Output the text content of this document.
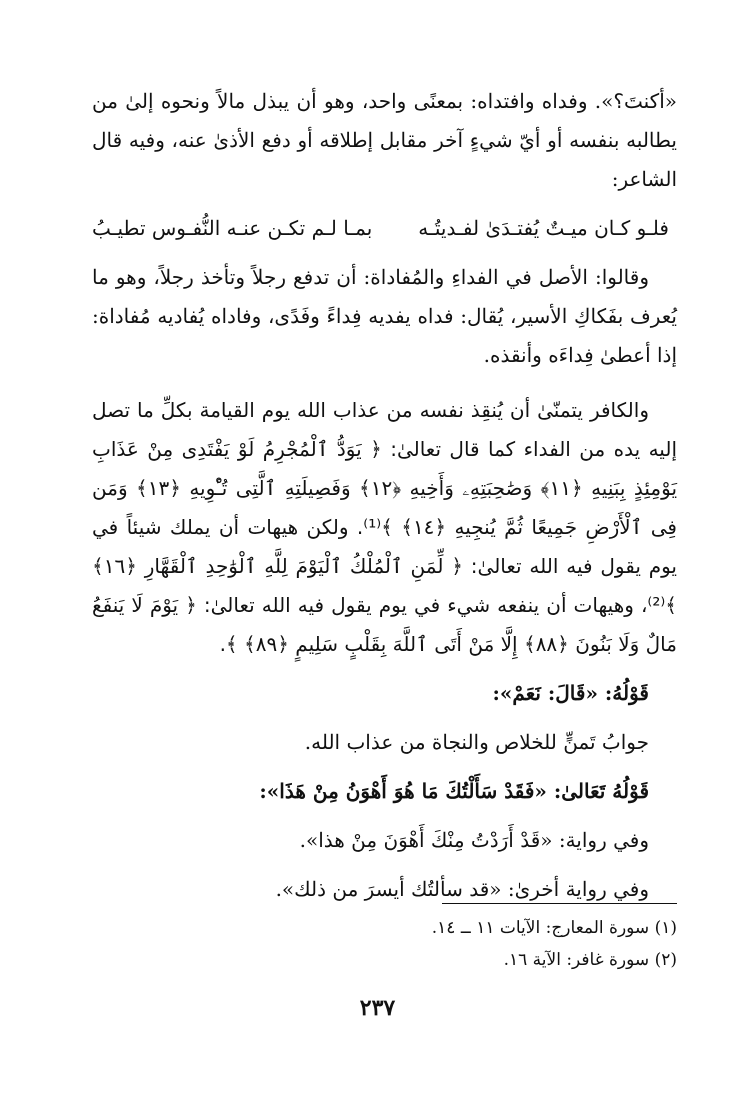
«أكنتَ؟». وفداه وافتداه: بمعنًى واحد، وهو أن يبذل مالاً ونحوه إلىٰ من يطالبه بنفسه أو أيّ شيءٍ آخر مقابل إطلاقه أو دفع الأذىٰ عنه، وفيه قال الشاعر:

فلـو كـان ميـتٌ يُفتـدَىٰ لفـديتُـه
بمـا لـم تكـن عنـه النُّفـوس تطيـبُ

وقالوا: الأصل في الفداءِ والمُفاداة: أن تدفع رجلاً وتأخذ رجلاً، وهو ما يُعرف بفَكاكِ الأسير، يُقال: فداه يفديه فِداءً وفَدًى، وفاداه يُفاديه مُفاداة: إذا أعطىٰ فِداءَه وأنقذه.

والكافر يتمنّىٰ أن يُنقِذ نفسه من عذاب الله يوم القيامة بكلِّ ما تصل إليه يده من الفداء كما قال تعالىٰ: ﴿ يَوَدُّ ٱلْمُجْرِمُ لَوْ يَفْتَدِى مِنْ عَذَابِ يَوْمِئِذٍ بِبَنِيهِ ﴿١١﴾ وَصَٰحِبَتِهِۦ وَأَخِيهِ ﴿١٢﴾ وَفَصِيلَتِهِ ٱلَّتِى تُـْٔوِيهِ ﴿١٣﴾ وَمَن فِى ٱلْأَرْضِ جَمِيعًا ثُمَّ يُنجِيهِ ﴿١٤﴾ ﴾⁽¹⁾. ولكن هيهات أن يملك شيئاً في يوم يقول فيه الله تعالىٰ: ﴿ لِّمَنِ ٱلْمُلْكُ ٱلْيَوْمَ لِلَّهِ ٱلْوَٰحِدِ ٱلْقَهَّارِ ﴿١٦﴾ ﴾⁽²⁾، وهيهات أن ينفعه شيء في يوم يقول فيه الله تعالىٰ: ﴿ يَوْمَ لَا يَنفَعُ مَالٌ وَلَا بَنُونَ ﴿٨٨﴾ إِلَّا مَنْ أَتَى ٱللَّهَ بِقَلْبٍ سَلِيمٍ ﴿٨٩﴾ ﴾.

قَوْلُهُ: «قَالَ: نَعَمْ»:

جوابُ تَمنٍّ للخلاص والنجاة من عذاب الله.

قَوْلُهُ تَعَالىٰ: «فَقَدْ سَأَلْتُكَ مَا هُوَ أَهْوَنُ مِنْ هَذَا»:

وفي رواية: «قَدْ أَرَدْتُ مِنْكَ أَهْوَنَ مِنْ هذا».

وفي رواية أخرىٰ: «قد سألتُك أيسرَ من ذلك».

(١) سورة المعارج: الآيات ١١ ــ ١٤.
(٢) سورة غافر: الآية ١٦.
٢٣٧
